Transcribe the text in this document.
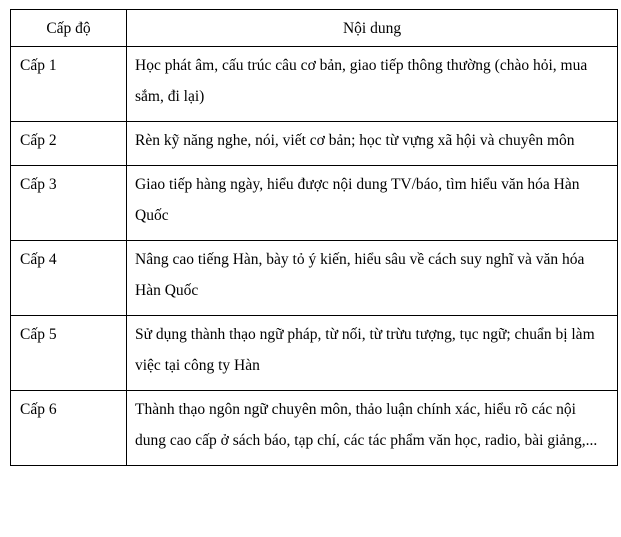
Cấp độ	Nội dung
Cấp 1	Học phát âm, cấu trúc câu cơ bản, giao tiếp thông thường (chào hỏi, mua sắm, đi lại)
Cấp 2	Rèn kỹ năng nghe, nói, viết cơ bản; học từ vựng xã hội và chuyên môn
Cấp 3	Giao tiếp hàng ngày, hiểu được nội dung TV/báo, tìm hiểu văn hóa Hàn Quốc
Cấp 4	Nâng cao tiếng Hàn, bày tỏ ý kiến, hiểu sâu về cách suy nghĩ và văn hóa Hàn Quốc
Cấp 5	Sử dụng thành thạo ngữ pháp, từ nối, từ trừu tượng, tục ngữ; chuẩn bị làm việc tại công ty Hàn
Cấp 6	Thành thạo ngôn ngữ chuyên môn, thảo luận chính xác, hiểu rõ các nội dung cao cấp ở sách báo, tạp chí, các tác phẩm văn học, radio, bài giảng,...
